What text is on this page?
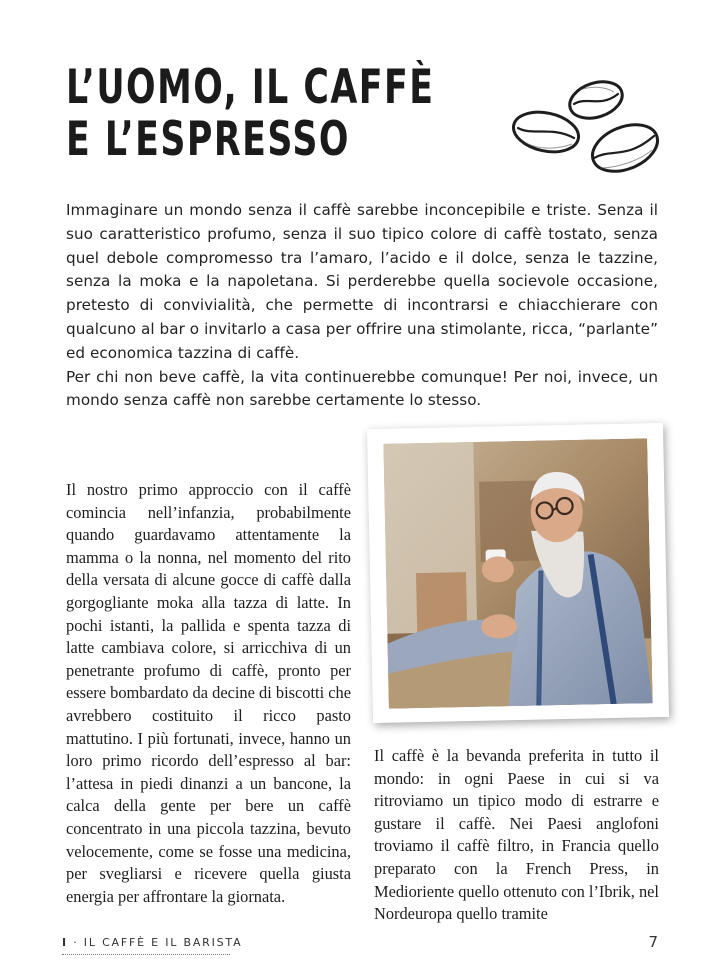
L’UOMO, IL CAFFÈ
E L’ESPRESSO

Immaginare un mondo senza il caffè sarebbe inconcepibile e triste. Senza il suo caratteristico profumo, senza il suo tipico colore di caffè tostato, senza quel debole compromesso tra l’amaro, l’acido e il dolce, senza le tazzine, senza la moka e la napoletana. Si perderebbe quella socievole occasione, pretesto di convivialità, che permette di incontrarsi e chiacchierare con qualcuno al bar o invitarlo a casa per offrire una stimolante, ricca, “parlante” ed economica tazzina di caffè.

Per chi non beve caffè, la vita continuerebbe comunque! Per noi, invece, un mondo senza caffè non sarebbe certamente lo stesso.

Il nostro primo approccio con il caffè comincia nell’infanzia, probabilmente quando guardavamo attentamente la mamma o la nonna, nel momento del rito della versata di alcune gocce di caffè dalla gorgogliante moka alla tazza di latte. In pochi istanti, la pallida e spenta tazza di latte cambiava colore, si arricchiva di un penetrante profumo di caffè, pronto per essere bombardato da decine di biscotti che avrebbero costituito il ricco pasto mattutino. I più fortunati, invece, hanno un loro primo ricordo dell’espresso al bar: l’attesa in piedi dinanzi a un bancone, la calca della gente per bere un caffè concentrato in una piccola tazzina, bevuto velocemente, come se fosse una medicina, per svegliarsi e ricevere quella giusta energia per affrontare la giornata.

Il caffè è la bevanda preferita in tutto il mondo: in ogni Paese in cui si va ritroviamo un tipico modo di estrarre e gustare il caffè. Nei Paesi anglofoni troviamo il caffè filtro, in Francia quello preparato con la French Press, in Medioriente quello ottenuto con l’Ibrik, nel Nordeuropa quello tramite

I · IL CAFFÈ E IL BARISTA	7
